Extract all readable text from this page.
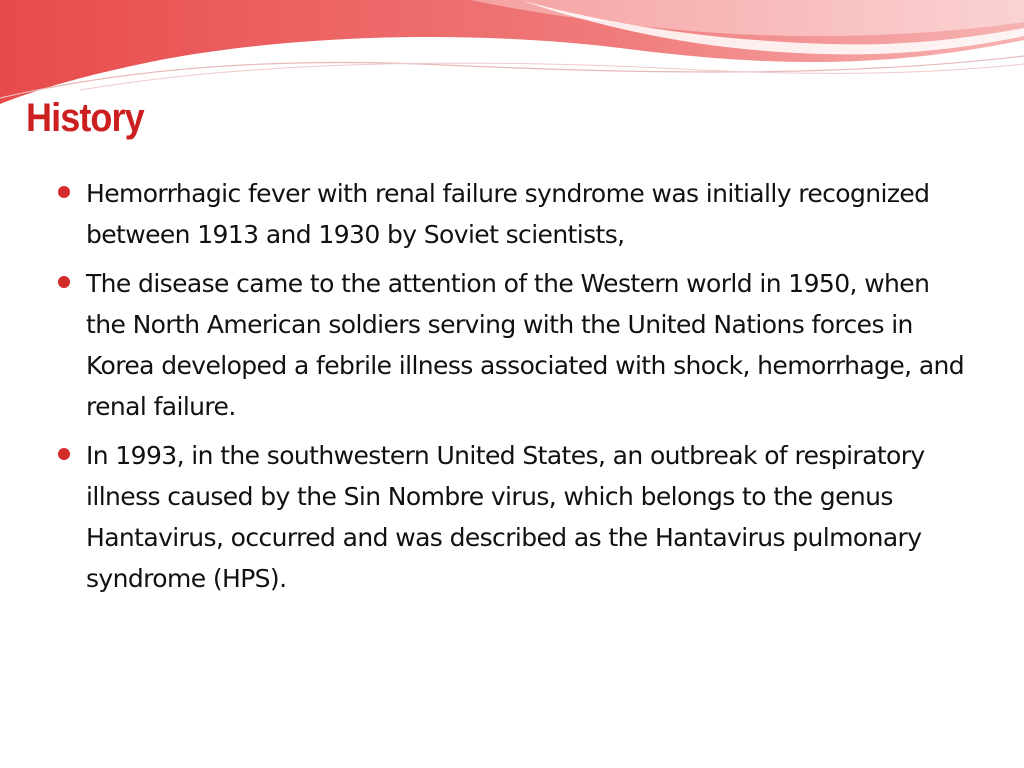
History
Hemorrhagic fever with renal failure syndrome was initially recognized between 1913 and 1930 by Soviet scientists,
The disease came to the attention of the Western world in 1950, when the North American soldiers serving with the United Nations forces in Korea developed a febrile illness associated with shock, hemorrhage, and renal failure.
In 1993, in the southwestern United States, an outbreak of respiratory illness caused by the Sin Nombre virus, which belongs to the genus Hantavirus, occurred and was described as the Hantavirus pulmonary syndrome (HPS).
